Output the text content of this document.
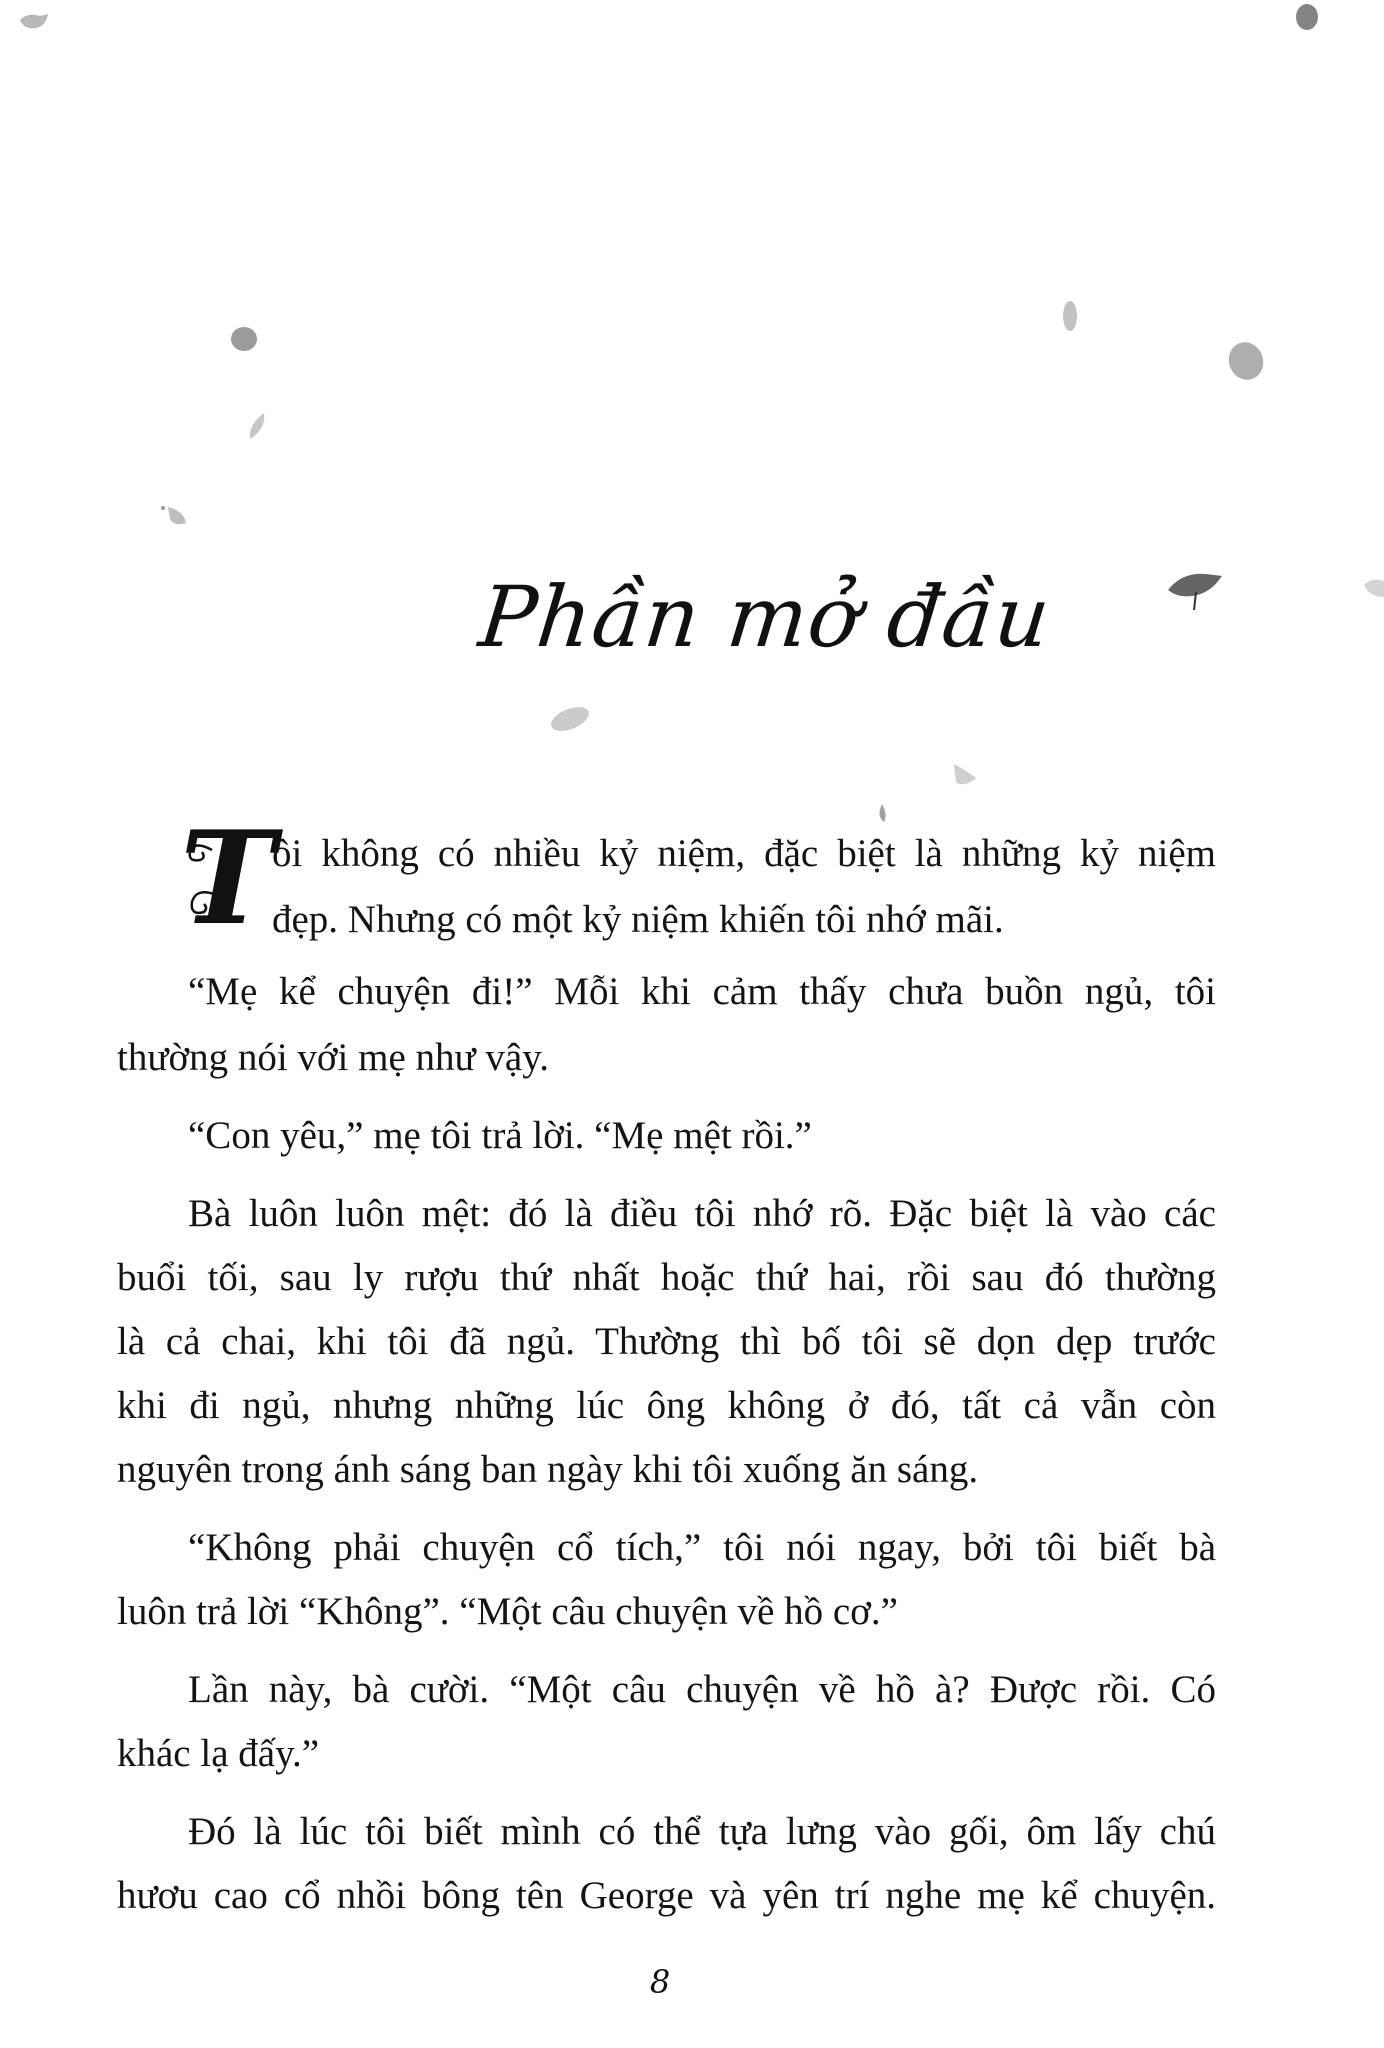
Phần mở đầu
T
ôi không có nhiều kỷ niệm, đặc biệt là những kỷ niệm
đẹp. Nhưng có một kỷ niệm khiến tôi nhớ mãi.
“Mẹ kể chuyện đi!” Mỗi khi cảm thấy chưa buồn ngủ, tôi
thường nói với mẹ như vậy.
“Con yêu,” mẹ tôi trả lời. “Mẹ mệt rồi.”
Bà luôn luôn mệt: đó là điều tôi nhớ rõ. Đặc biệt là vào các
buổi tối, sau ly rượu thứ nhất hoặc thứ hai, rồi sau đó thường
là cả chai, khi tôi đã ngủ. Thường thì bố tôi sẽ dọn dẹp trước
khi đi ngủ, nhưng những lúc ông không ở đó, tất cả vẫn còn
nguyên trong ánh sáng ban ngày khi tôi xuống ăn sáng.
“Không phải chuyện cổ tích,” tôi nói ngay, bởi tôi biết bà
luôn trả lời “Không”. “Một câu chuyện về hồ cơ.”
Lần này, bà cười. “Một câu chuyện về hồ à? Được rồi. Có
khác lạ đấy.”
Đó là lúc tôi biết mình có thể tựa lưng vào gối, ôm lấy chú
hươu cao cổ nhồi bông tên George và yên trí nghe mẹ kể chuyện.
8
